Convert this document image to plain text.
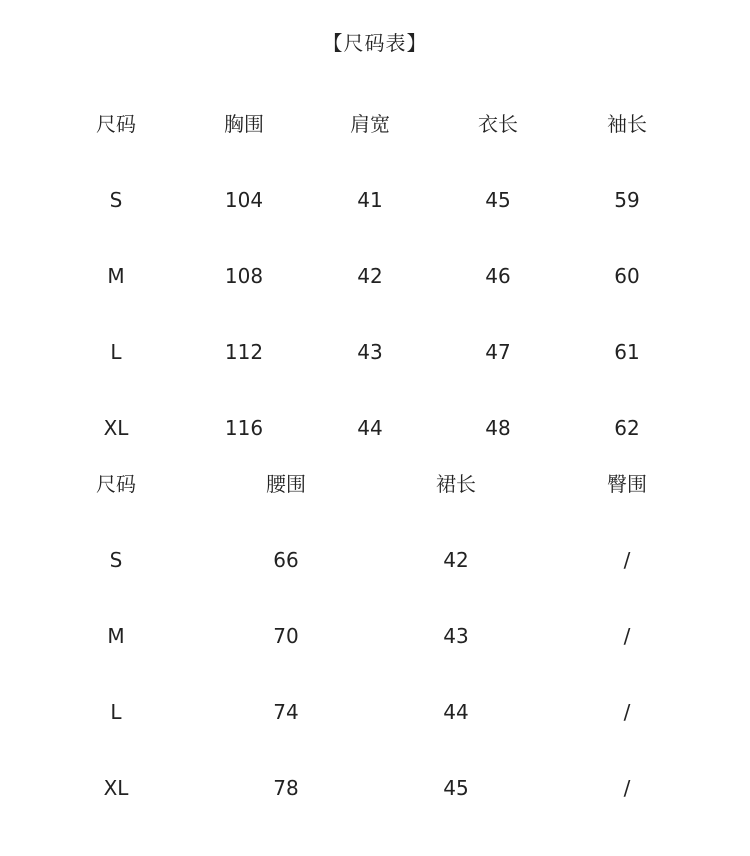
【尺码表】
尺码	胸围	肩宽	衣长	袖长
S	104	41	45	59
M	108	42	46	60
L	112	43	47	61
XL	116	44	48	62
尺码	腰围	裙长	臀围
S	66	42	/
M	70	43	/
L	74	44	/
XL	78	45	/
